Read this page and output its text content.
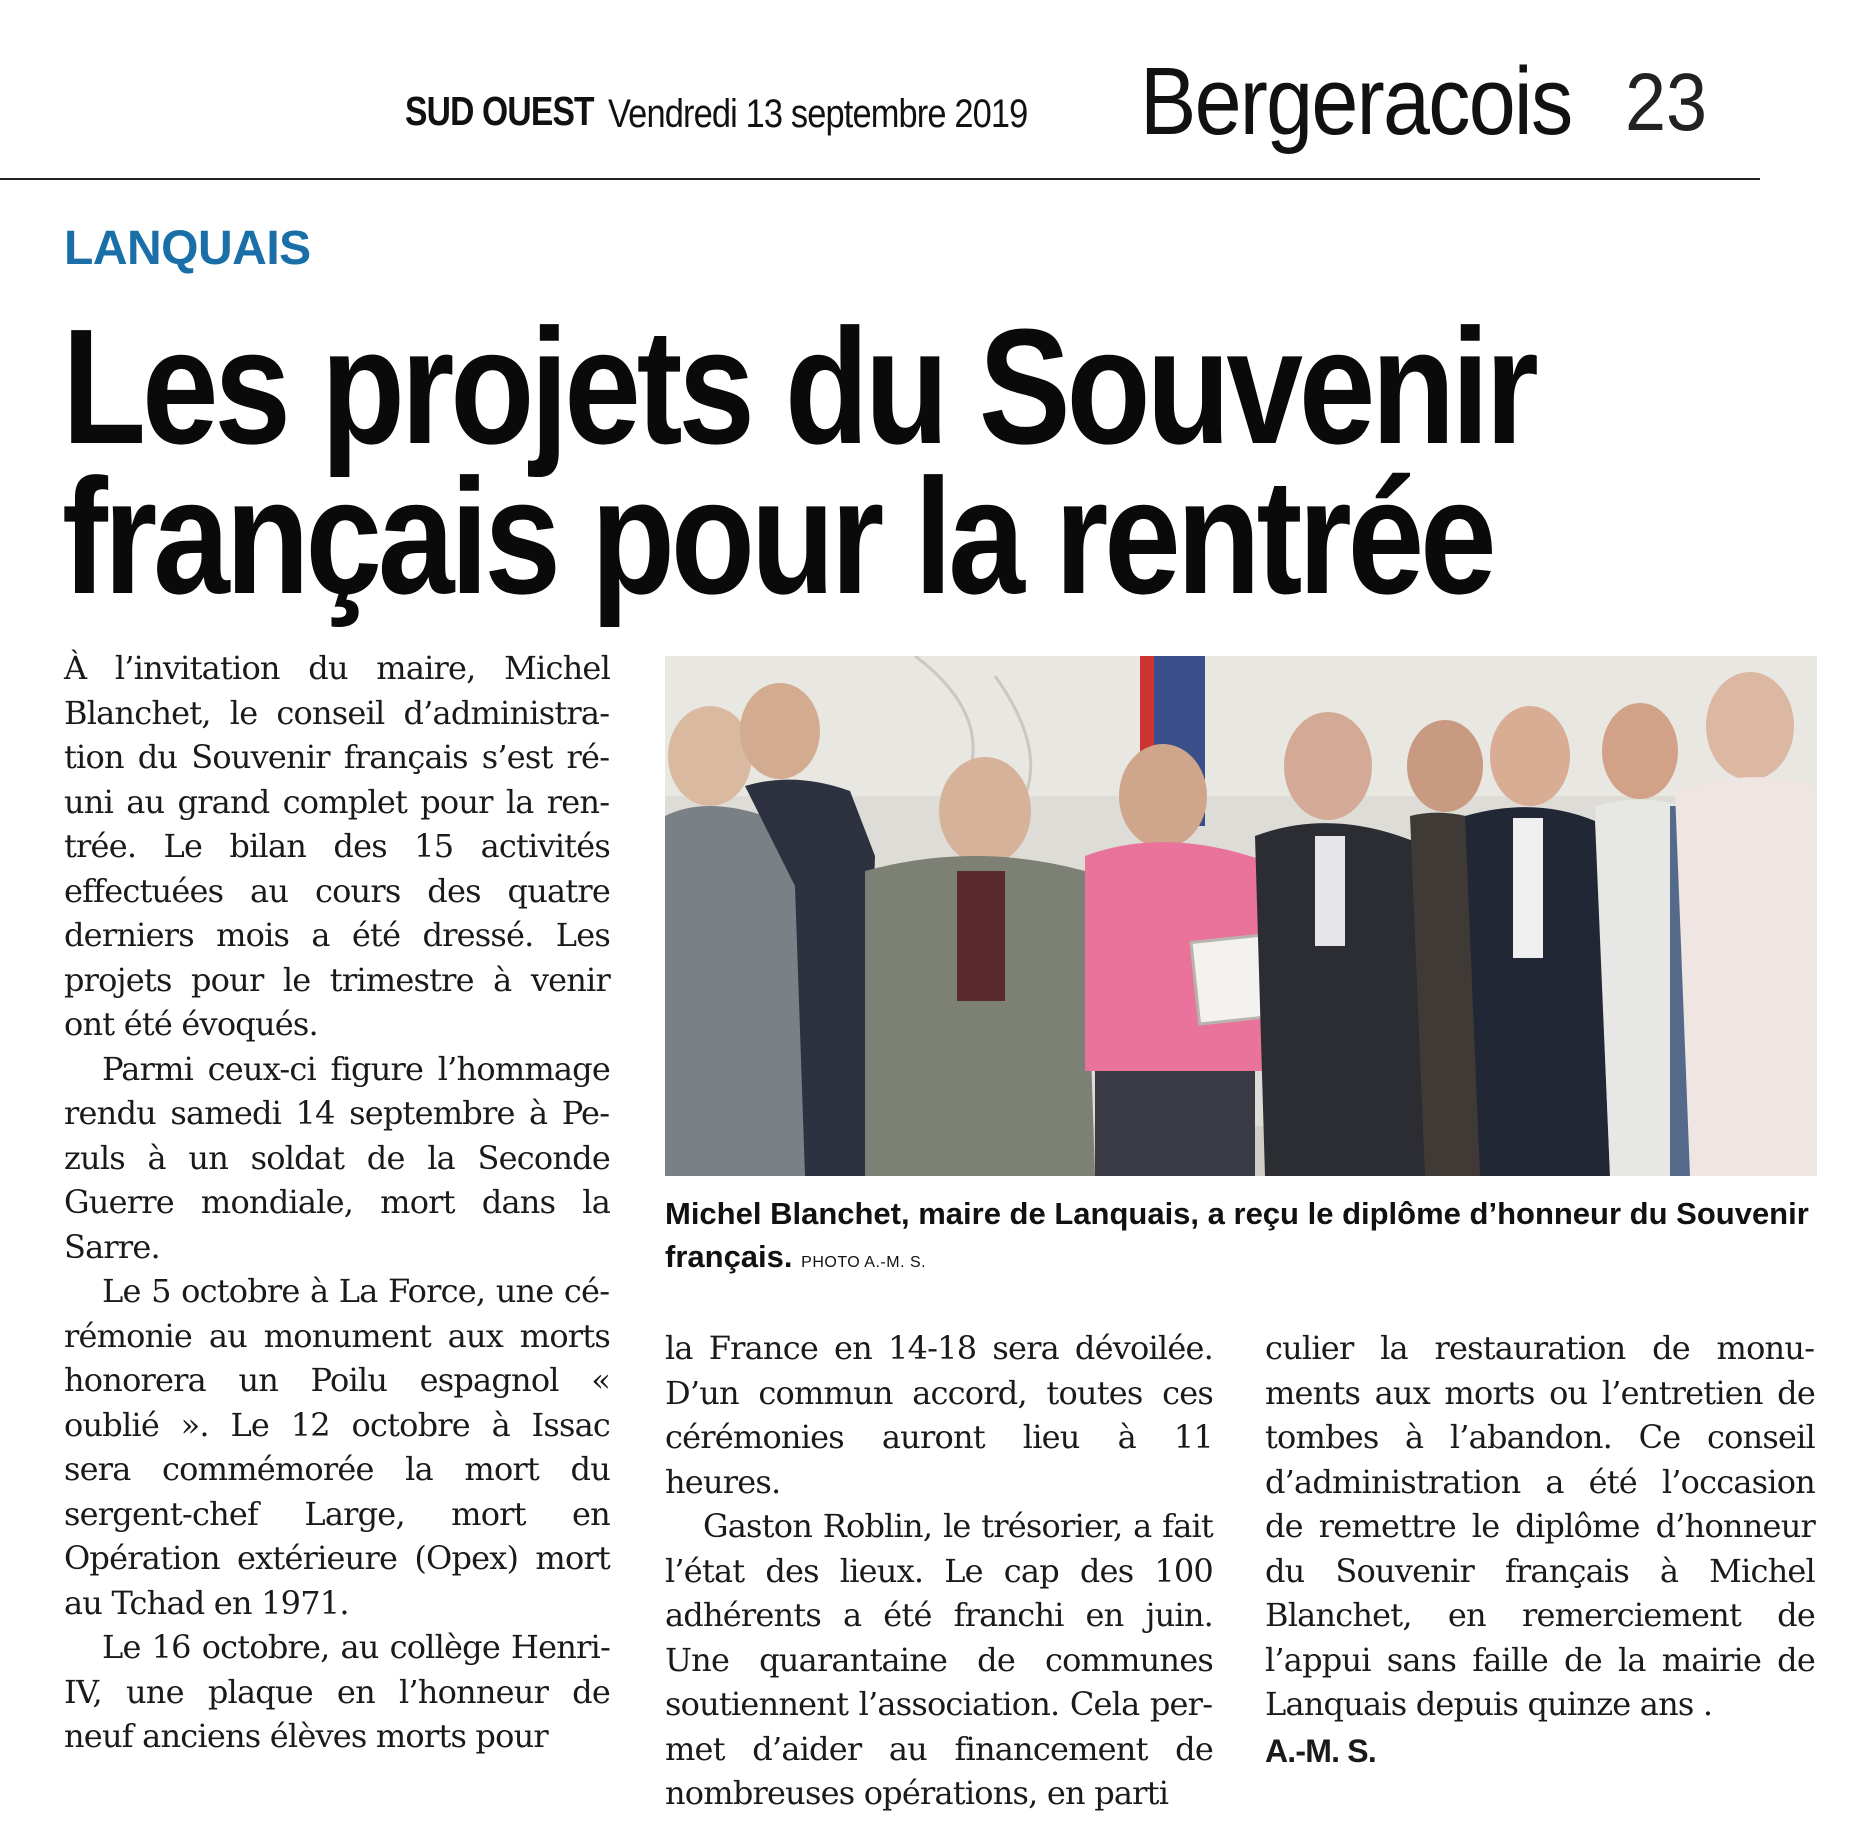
SUD OUEST Vendredi 13 septembre 2019 Bergeracois 23
LANQUAIS
Les projets du Souvenir
français pour la rentrée

À l’invitation du maire, Michel Blanchet, le conseil d’administration du Souvenir français s’est réuni au grand complet pour la rentrée. Le bilan des 15 activités effectuées au cours des quatre derniers mois a été dressé. Les projets pour le trimestre à venir ont été évoqués.

Parmi ceux-ci figure l’hommage rendu samedi 14 septembre à Pezuls à un soldat de la Seconde Guerre mondiale, mort dans la Sarre.

Le 5 octobre à La Force, une cérémonie au monument aux morts honorera un Poilu espagnol « oublié ». Le 12 octobre à Issac sera commémorée la mort du sergent-chef Large, mort en Opération extérieure (Opex) mort au Tchad en 1971.

Le 16 octobre, au collège Henri-IV, une plaque en l’honneur de neuf anciens élèves morts pour

Michel Blanchet, maire de Lanquais, a reçu le diplôme d’honneur du Souvenir français. PHOTO A.-M. S.

la France en 14-18 sera dévoilée. D’un commun accord, toutes ces cérémonies auront lieu à 11 heures.

Gaston Roblin, le trésorier, a fait l’état des lieux. Le cap des 100 adhérents a été franchi en juin. Une quarantaine de communes soutiennent l’association. Cela permet d’aider au financement de nombreuses opérations, en parti

culier la restauration de monuments aux morts ou l’entretien de tombes à l’abandon. Ce conseil d’administration a été l’occasion de remettre le diplôme d’honneur du Souvenir français à Michel Blanchet, en remerciement de l’appui sans faille de la mairie de Lanquais depuis quinze ans .

A.-M. S.
